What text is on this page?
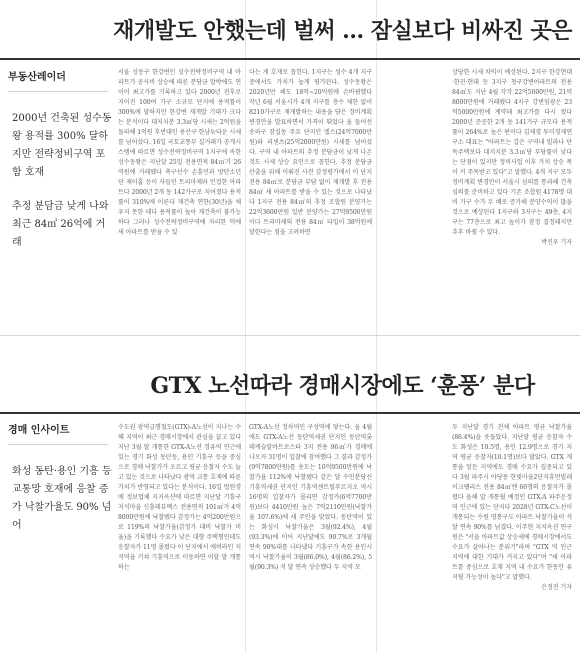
재개발도 안했는데 벌써 … 잠실보다 비싸진 곳은
부동산레이더
2000년 건축된 성수동왕 용적률 300% 달하지만 전략정비구역 포함 호재
추정 분담금 낮게 나와 최근 84㎡ 26억에 거래
서울 성동구 한강변인 성수전략정비구역 내 아파트가 공사비 상승에 따른 분담금 압박에도 연이어 최고가를 기록하고 있다 2000년 전후로 지어진 100여 가구 소규모 단지에 용적률이 300%에 달하지만 한강변 재개발 기대가 크다는 분석이다 대지지분 3.3㎡당 시세는 2억원을 돌파해 1억원 후반대인 용산구 한남뉴타운 시세를 넘어섰다. 16일 국토교통부 실거래가 공개시스템에 따르면 성수전략정비구역 1지구에 속한 성수동왕은 지난달 25일 전용면적 84㎡가 26억원에 거래됐다 축구선수 손흥민과 방탄소년단 제이홉 등이 사들인 트리마제와 인접한 아파트다 2000년 2개 동 142가구로 지어졌다 용적률이 310%에 이른다 재건축 연한(30년)을 채우지 못한 데다 용적률이 높아 재건축이 불가능하다 그러나 성수전략정비구역에 자리한 덕에 새 아파트를 받을 수 있
다는 게 호재로 꼽힌다. 1지구는 성수 4개 지구 중에서도 가치가 높게 평가된다. 성수동왕은 2020년만 해도 18억~20억원에 손바뀜했다 작년 6월 서울시가 4개 지구를 층수 제한 없이 8210가구로 재개발하는 내용을 담은 정비계획 변경안을 발표하면서 가격이 뛰었다 올 들어선 송파구 잠실동 주요 단지인 엘스(24억7000만원)와 리센츠(25억2000만원) 시세를 넘어섰다. 구역 내 아파트의 추정 분담금이 낮게 나온 것도 시세 상승 요인으로 꼽힌다. 추정 분담금 산출을 위해 이뤄진 사전 감정평가에서 이 단지 전용 84㎡로 분담금 부담 없이 재개발 후 전용 84㎡ 새 아파트를 받을 수 있는 것으로 나타났다 1지구 전용 84㎡의 추정 조합원 분양가는 22억3600만원 일반 분양가는 27억9500만원이다 트리마제의 전용 84㎡ 타입이 38억원에 달한다는 점을 고려하면
상당한 시세 차익이 예상된다. 2지구 한강현대·한진·현대 등 3지구 청구강변아파트의 전용 84㎡도 지난 4월 각각 22억5000만원, 21억8000만원에 거래됐다 4지구 강변임광은 23억5000만원에 계약돼 최고가를 다시 썼다 2000년 준공한 2개 동 141가구 규모다 용적률이 264%로 높은 편이다 김제경 투미경제연구소 대표는 "아파트는 갑은 구역내 빌라나 단독주택보다 대지지분 3.3㎡당 부담률이 낮다는 단점이 있지만 정비사업 이후 가치 상승 폭이 커 주목받고 있다"고 말했다. 4개 지구 모두 정비계획 변경안이 서울시 심의를 통과해 건축심의를 준비하고 있다 기존 조합원 4178명 대비 가구 수가 두 배로 증가해 분양수익이 많을 것으로 예상된다 1지구와 3지구는 49층, 4지구는 77층으로 최고 높이가 잠정 결정돼지만 추후 바뀔 수 있다.
박진우 기자
GTX 노선따라 경매시장에도 ‘훈풍’ 분다
경매 인사이트
화성 동탄·용인 기흥 등 교통망 호재에 응찰 증가 낙찰가율도 90% 넘어
수도권 광역급행철도(GTX)-A노선이 지나는 수혜 지역이 최근 경매시장에서 관심을 끌고 있다 지난 3월 말 개통한 GTX-A노선 경유역 인근에 있는 경기 화성 동탄동, 용인 기흥구 등을 중심으로 경매 낙찰가가 오르고 평균 응찰자 수도 늘고 있는 것으로 나타났다 광역 교통 호재에 따른 가치가 반영되고 있다는 분석이다. 16일 법원경매 정보업체 지지옥션에 따르면 지난달 기흥구 지석마을 신흥데뷰벡스 전용면적 101㎡가 4억8000만원에 낙찰됐다 감정가는 4억200만원으로 119%의 낙찰가율(감정가 대비 낙찰가 비율)을 기록했다 수요가 낮은 대형 주택형인데도 응찰자가 11명 몰렸다 이 단지에서 에버라인 지석역을 거쳐 기흥역으로 이동하면 이달 말 개통하는
GTX-A노선 정차역인 구성역에 닿는다. 올 4월에도 GTX-A노선 동탄역세권 단지인 동탄역롯데캐슬알바트로스타 3지 전용 96㎡가 경매에 나오자 31명이 입찰에 참여했다 그 결과 감정가(9억7800만원)를 웃도는 10억9500만원에 낙찰가율 112%에 낙찰됐다 같은 달 수인분당선 기흥역세권 단지인 기흥역센트럴푸르지오 역시 16명의 입찰자가 몰리면 감정가(6억7700만원)보다 4410만원 높은 7억2110만원(낙찰가율 107.6%)에 새 주인을 맞았다. 동탄역이 있는 화성시 낙찰가율은 3월(92.4%), 4월(93.3%)에 이어 지난달에도 90.7%로 3개월 연속 90%대를 나타냈다 기흥구가 속한 용인시 역시 낙찰가율이 3월(86.0%), 4월(86.2%), 5월(90.3%) 석 달 연속 상승했다 두 지역 모
두 지난달 경기 전체 아파트 평균 낙찰가율(86.4%)을 웃돌았다. 지난달 평균 응찰자 수도 화성은 10.5명, 용인 12.9명으로 경기 지역 평균 응찰자(10.1명)보다 많았다. GTX 개통을 앞둔 지역에도 경매 수요가 집중되고 있다 3월 파주시 야당동 한빛마을2단지휴먼빌레이크팰리스 전용 84㎡엔 66명의 응찰자가 몰렸다 올해 말 개통될 예정인 GTX-A 파주운정역 인근에 있는 단지다 2028년 GTX-C노선이 개통되는 수원 영통구도 아파트 낙찰가율이 석 달 연속 90%를 넘겼다. 이주현 지지옥션 연구원은 "서울 아파트값 상승세에 경매시장에서도 수요가 살아나는 분위기"라며 "GTX 역 인근 지역에 대한 기대가 커지고 있다"며 "새 아파트를 중심으로 호재 지역 내 수요가 한동안 유지될 가능성이 높다"고 말했다.
은정진 기자
